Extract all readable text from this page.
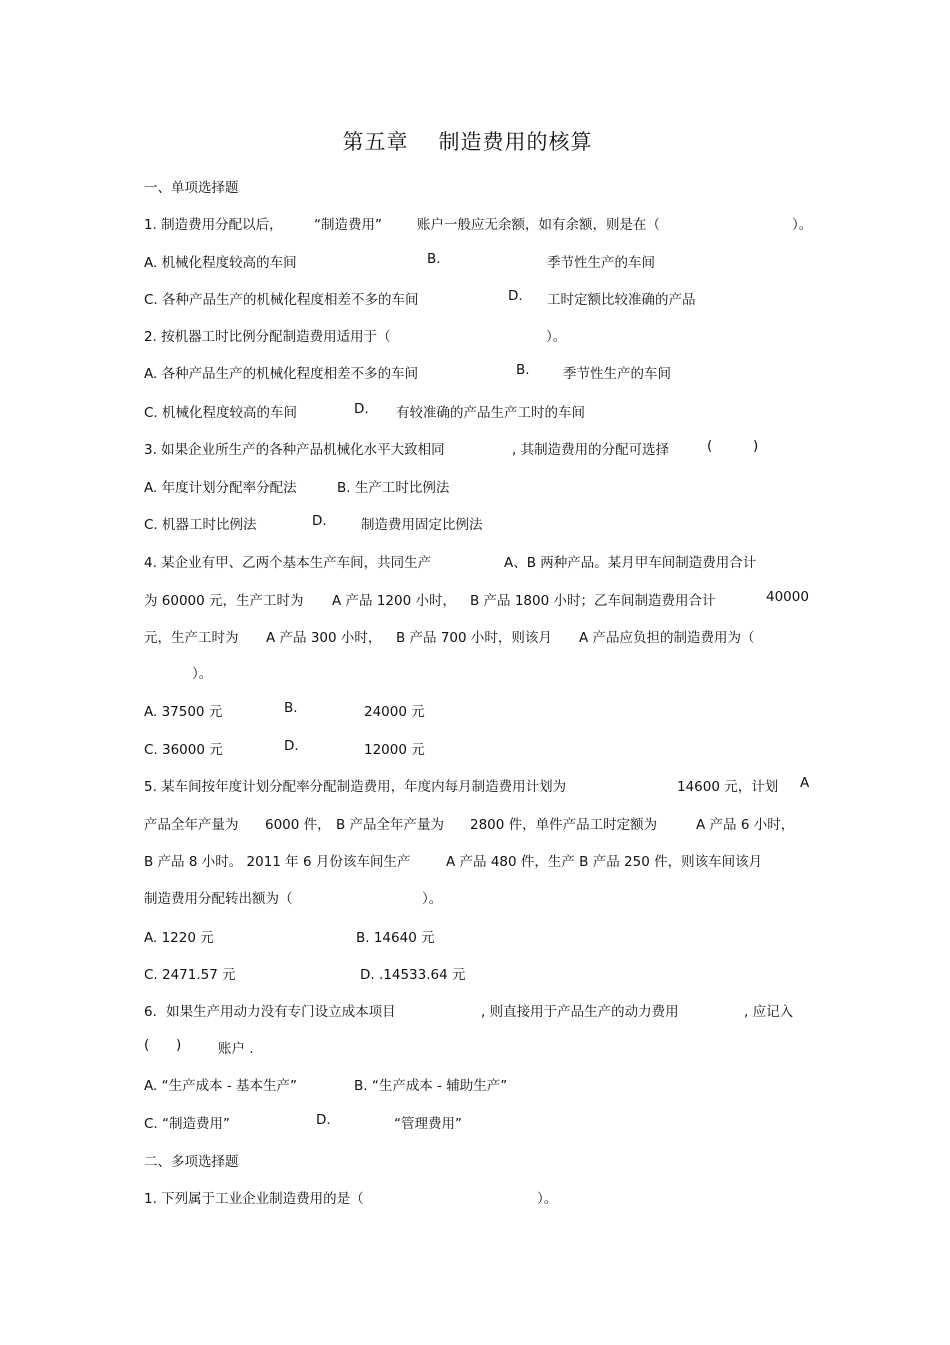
第五章 制造费用的核算
一、单项选择题
1. 制造费用分配以后， “制造费用”	账户一般应无余额，如有余额，则是在（	）。
A. 机械化程度较高的车间	B.	季节性生产的车间
C. 各种产品生产的机械化程度相差不多的车间	D. 工时定额比较准确的产品
2. 按机器工时比例分配制造费用适用于（	）。
A. 各种产品生产的机械化程度相差不多的车间	B. 季节性生产的车间
C. 机械化程度较高的车间	D. 有较准确的产品生产工时的车间
3. 如果企业所生产的各种产品机械化水平大致相同	, 其制造费用的分配可选择	(	)
A. 年度计划分配率分配法	B. 生产工时比例法
C. 机器工时比例法	D.	制造费用固定比例法
4. 某企业有甲、乙两个基本生产车间，共同生产	A、B 两种产品。某月甲车间制造费用合计
为 60000 元，生产工时为 A 产品 1200 小时， B 产品 1800 小时；乙车间制造费用合计	40000
元，生产工时为 A 产品 300 小时， B 产品 700 小时，则该月 A 产品应负担的制造费用为（
）。
A. 37500 元	B.	24000 元
C. 36000 元	D.	12000 元
5. 某车间按年度计划分配率分配制造费用，年度内每月制造费用计划为	14600 元，计划 A
产品全年产量为 6000 件， B 产品全年产量为 2800 件，单件产品工时定额为	A 产品 6 小时，
B 产品 8 小时。 2011 年 6 月份该车间生产	A 产品 480 件，生产 B 产品 250 件，则该车间该月
制造费用分配转出额为（	）。
A. 1220 元	B. 14640 元
C. 2471.57 元	D. .14533.64 元
6．如果生产用动力没有专门设立成本项目	, 则直接用于产品生产的动力费用	, 应记入
( )	账户 .
A. “生产成本 - 基本生产”	B. “生产成本 - 辅助生产”
C. “制造费用”	D.	“管理费用”
二、多项选择题
1. 下列属于工业企业制造费用的是（	）。
